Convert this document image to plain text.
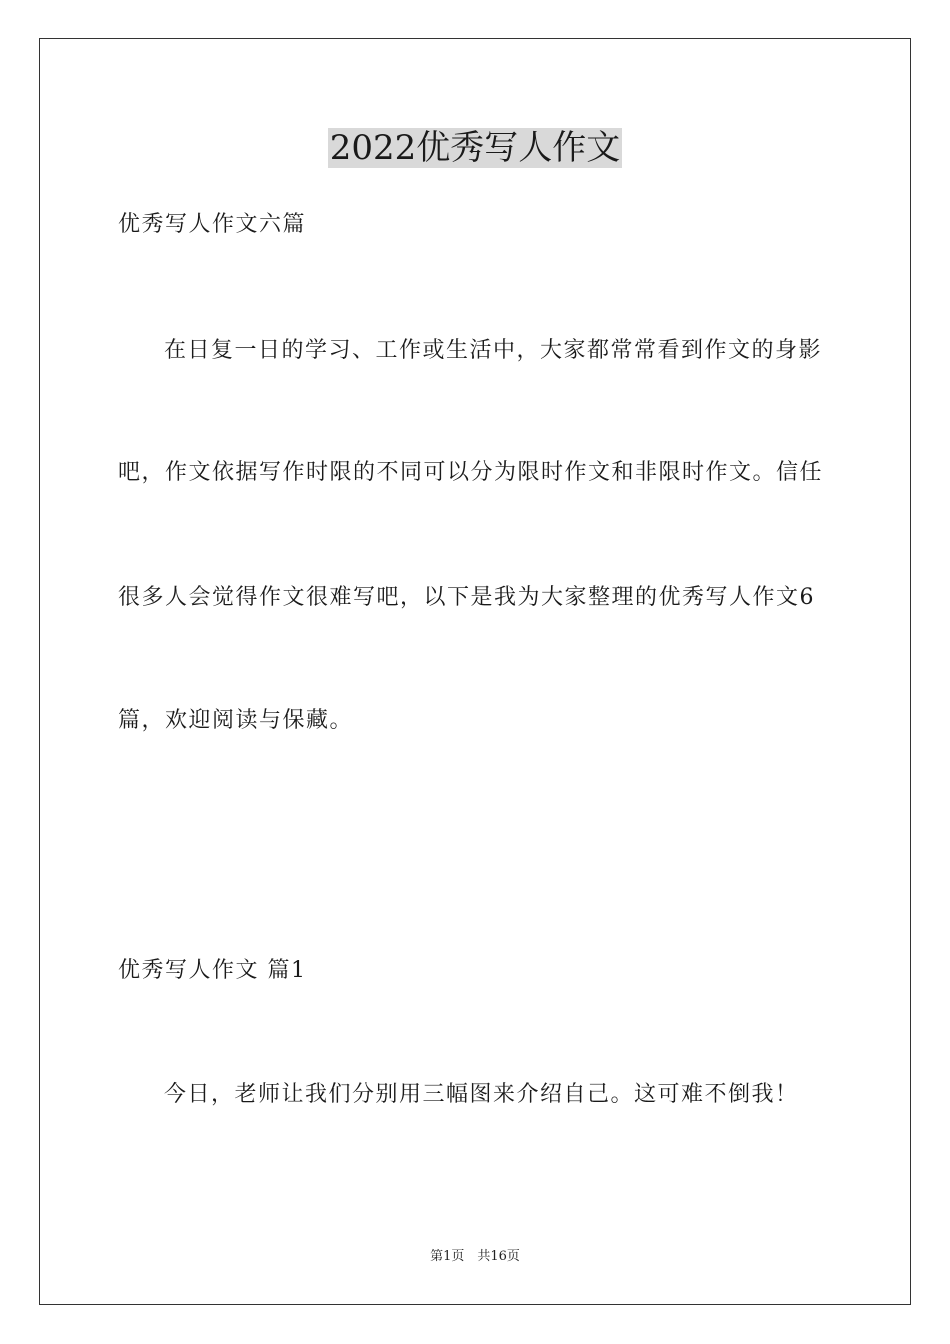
2022优秀写人作文
优秀写人作文六篇
在日复一日的学习、工作或生活中，大家都常常看到作文的身影
吧，作文依据写作时限的不同可以分为限时作文和非限时作文。信任
很多人会觉得作文很难写吧，以下是我为大家整理的优秀写人作文6
篇，欢迎阅读与保藏。
优秀写人作文 篇1
今日，老师让我们分别用三幅图来介绍自己。这可难不倒我！
第1页　共16页
